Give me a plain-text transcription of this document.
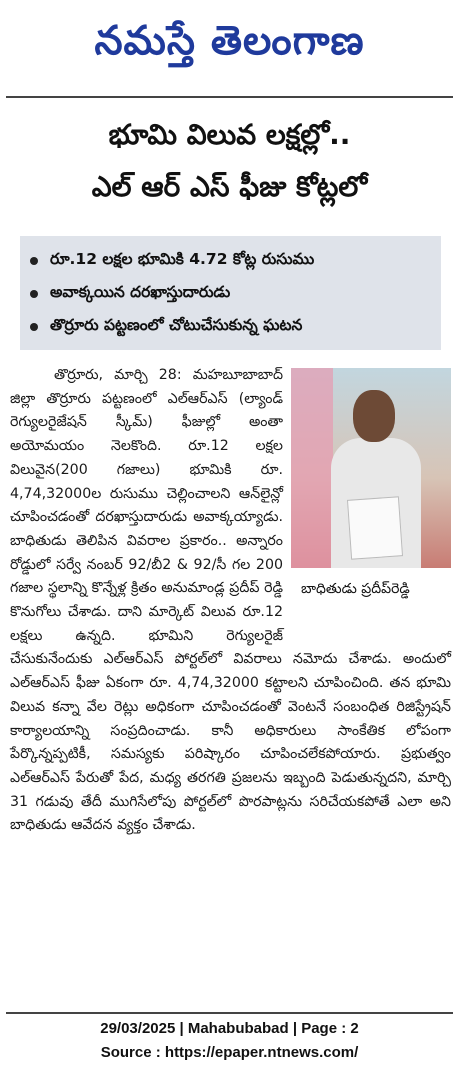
నమస్తే తెలంగాణ
భూమి విలువ లక్షల్లో..
ఎల్ ఆర్ ఎస్ ఫీజు కోట్లలో
రూ.12 లక్షల భూమికి 4.72 కోట్ల రుసుము
అవాక్కయిన దరఖాస్తుదారుడు
తొర్రూరు పట్టణంలో చోటుచేసుకున్న ఘటన
బాధితుడు ప్రదీప్‌రెడ్డి

తొర్రూరు, మార్చి 28: మహబూబాబాద్ జిల్లా తొర్రూరు పట్టణంలో ఎల్ఆర్ఎస్ (ల్యాండ్ రెగ్యులరైజేషన్ స్కీమ్) ఫీజుల్లో అంతా అయోమయం నెలకొంది. రూ.12 లక్షల విలువైన(200 గజాలు) భూమికి రూ. 4,74,32000ల రుసుము చెల్లించాలని ఆన్‌లైన్లో చూపించడంతో దరఖాస్తుదారుడు అవాక్కయ్యాడు. బాధితుడు తెలిపిన వివరాల ప్రకారం.. అన్నారం రోడ్డులో సర్వే నంబర్ 92/బీ2 & 92/సీ గల 200 గజాల స్థలాన్ని కొన్నేళ్ల క్రితం అనుమాండ్ల ప్రదీప్ రెడ్డి కొనుగోలు చేశాడు. దాని మార్కెట్ విలువ రూ.12 లక్షలు ఉన్నది. భూమిని రెగ్యులరైజ్ చేసుకునేందుకు ఎల్ఆర్ఎస్ పోర్టల్‌లో వివరాలు నమోదు చేశాడు. అందులో ఎల్ఆర్ఎస్ ఫీజు ఏకంగా రూ. 4,74,32000 కట్టాలని చూపించింది. తన భూమి విలువ కన్నా వేల రెట్లు అధికంగా చూపించడంతో వెంటనే సంబంధిత రిజిస్ట్రేషన్ కార్యాలయాన్ని సంప్రదించాడు. కానీ అధికారులు సాంకేతిక లోపంగా పేర్కొన్నప్పటికీ, సమస్యకు పరిష్కారం చూపించలేకపోయారు. ప్రభుత్వం ఎల్ఆర్ఎస్ పేరుతో పేద, మధ్య తరగతి ప్రజలను ఇబ్బంది పెడుతున్నదని, మార్చి 31 గడువు తేదీ ముగిసేలోపు పోర్టల్‌లో పొరపాట్లను సరిచేయకపోతే ఎలా అని బాధితుడు ఆవేదన వ్యక్తం చేశాడు.

29/03/2025 | Mahabubabad | Page : 2
Source : https://epaper.ntnews.com/
